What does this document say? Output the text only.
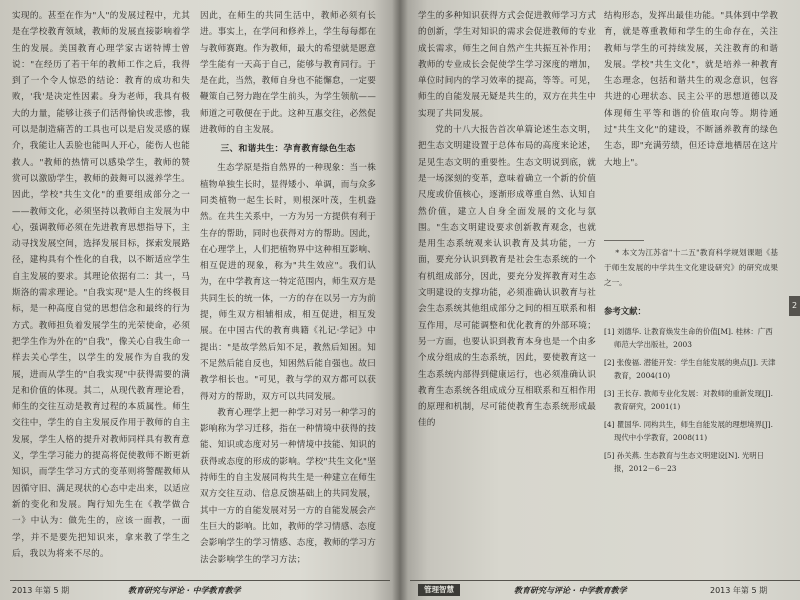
实现的。甚至在作为"人"的发展过程中，尤其是在学校教育领域，教师的发展直接影响着学生的发展。美国教育心理学家古诺特博士曾说："在经历了若干年的教师工作之后，我得到了一个令人惊恐的结论：教育的成功和失败，'我'是决定性因素。身为老师，我具有极大的力量，能够让孩子们活得愉快或悲惨，我可以是制造痛苦的工具也可以是启发灵感的媒介，我能让人丢脸也能叫人开心，能伤人也能救人。"教师的热情可以感染学生，教师的赞赏可以激励学生，教师的鼓舞可以滋养学生。因此，学校"共生文化"的重要组成部分之一——教师文化，必须坚持以教师自主发展为中心，强调教师必须在先进教育思想指导下，主动寻找发展空间，选择发展目标，探索发展路径，建构具有个性化的自我，以不断适应学生自主发展的要求。其理论依据有二：其一，马斯洛的需求理论。"自我实现"是人生的终极目标，是一种高度自觉的思想信念和最终的行为方式。教师担负着发展学生的光荣使命，必须把学生作为外在的"自我"，像关心自我生命一样去关心学生，以学生的发展作为自我的发展，进而从学生的"自我实现"中获得需要的满足和价值的体现。其二，从现代教育理论看，师生的交往互动是教育过程的本质属性。师生交往中，学生的自主发展反作用于教师的自主发展，学生人格的提升对教师同样具有教育意义，学生学习能力的提高将促使教师不断更新知识，而学生学习方式的变革则将警醒教师从因循守旧、满足现状的心态中走出来，以适应新的变化和发展。陶行知先生在《教学做合一》中认为：做先生的，应该一面教，一面学，并不是要先把知识来，拿来教了学生之后，我以为将来不尽的。

因此，在师生的共同生活中，教师必须有长进。事实上，在学问和修养上，学生每每都在与教师赛跑。作为教师，最大的希望就是愿意学生能有一天高于自己，能够与教育同行。于是在此，当然，教师自身也不能懈怠，一定要鞭策自己努力跑在学生前头，为学生领航——师道之可敬便在于此。这种互惠交往，必然促进教师的自主发展。

三、和谐共生：孕育教育绿色生态

生态学原是指自然界的一种现象：当一株植物单独生长时，显得矮小、单调，而与众多同类植物一起生长时，则根深叶茂，生机盎然。在共生关系中，一方为另一方提供有利于生存的帮助，同时也获得对方的帮助。因此，在心理学上，人们把植物界中这种相互影响、相互促进的现象，称为"共生效应"。我们认为，在中学教育这一特定范围内，师生双方是共同生长的统一体，一方的存在以另一方为前提，师生双方相辅相成，相互促进，相互发展。在中国古代的教育典籍《礼记·学记》中提出："是故学然后知不足，教然后知困。知不足然后能自反也，知困然后能自强也。故曰教学相长也。"可见，教与学的双方都可以获得对方的帮助，双方可以共同发展。

教育心理学上把一种学习对另一种学习的影响称为学习迁移，指在一种情境中获得的技能、知识或态度对另一种情境中技能、知识的获得或态度的形成的影响。学校"共生文化"坚持师生的自主发展同构共生是一种建立在师生双方交往互动、信息反馈基础上的共同发展，其中一方的自能发展对另一方的自能发展会产生巨大的影响。比如，教师的学习情感、态度会影响学生的学习情感、态度，教师的学习方法会影响学生的学习方法；

2013 年第 5 期	教育研究与评论 · 中学教育教学

学生的多种知识获得方式会促进教师学习方式的创新，学生对知识的需求会促进教师的专业成长需求，师生之间自然产生共振互补作用；教师的专业成长会促使学生学习深度的增加，单位时间内的学习效率的提高，等等。可见，师生的自能发展无疑是共生的，双方在共生中实现了共同发展。

党的十八大报告首次单篇论述生态文明，把生态文明建设置于总体布局的高度来论述，足见生态文明的重要性。生态文明说到底，就是一场深刻的变革，意味着确立一个新的价值尺度或价值核心，逐渐形成尊重自然、认知自然价值，建立人自身全面发展的文化与氛围。"生态文明建设要求创新教育观念，也就是用生态系统观来认识教育及其功能，一方面，要充分认识到教育是社会生态系统的一个有机组成部分，因此，要充分发挥教育对生态文明建设的支撑功能，必须准确认识教育与社会生态系统其他组成部分之间的相互联系和相互作用，尽可能调整和优化教育的外部环境；另一方面，也要认识到教育本身也是一个由多个成分组成的生态系统，因此，要使教育这一生态系统内部得到健康运行，也必须准确认识教育生态系统各组成成分互相联系和互相作用的原理和机制，尽可能使教育生态系统形成最佳的

结构形态，发挥出最佳功能。"具体到中学教育，就是尊重教师和学生的生命存在，关注教师与学生的可持续发展，关注教育的和谐发展。学校"共生文化"，就是培养一种教育生态理念，包括和谐共生的观念意识，包容共进的心理状态、民主公平的思想道德以及体现师生平等和谐的价值取向等。期待通过"共生文化"的建设，不断涵养教育的绿色生态，即"充满劳绩，但还诗意地栖居在这片大地上"。

* 本文为江苏省"十二五"教育科学规划课题《基于师生发展的中学共生文化建设研究》的研究成果之一。

参考文献：
[1] 刘德华. 让教育焕发生命的价值[M]. 桂林：广西师范大学出版社，2003
[2] 张俊福. 潜能开发：学生自能发展的奥点[J]. 天津教育，2004(10)
[3] 王长存. 教师专业化发展：对教师的重新发现[J]. 教育研究，2001(1)
[4] 瞿国华. 同构共生，师生自能发展的理想境界[J]. 现代中小学教育，2008(11)
[5] 孙关燕. 生态教育与生态文明建设[N]. 光明日报，2012－6－23
管理智慧	教育研究与评论 · 中学教育教学	2013 年第 5 期
2
